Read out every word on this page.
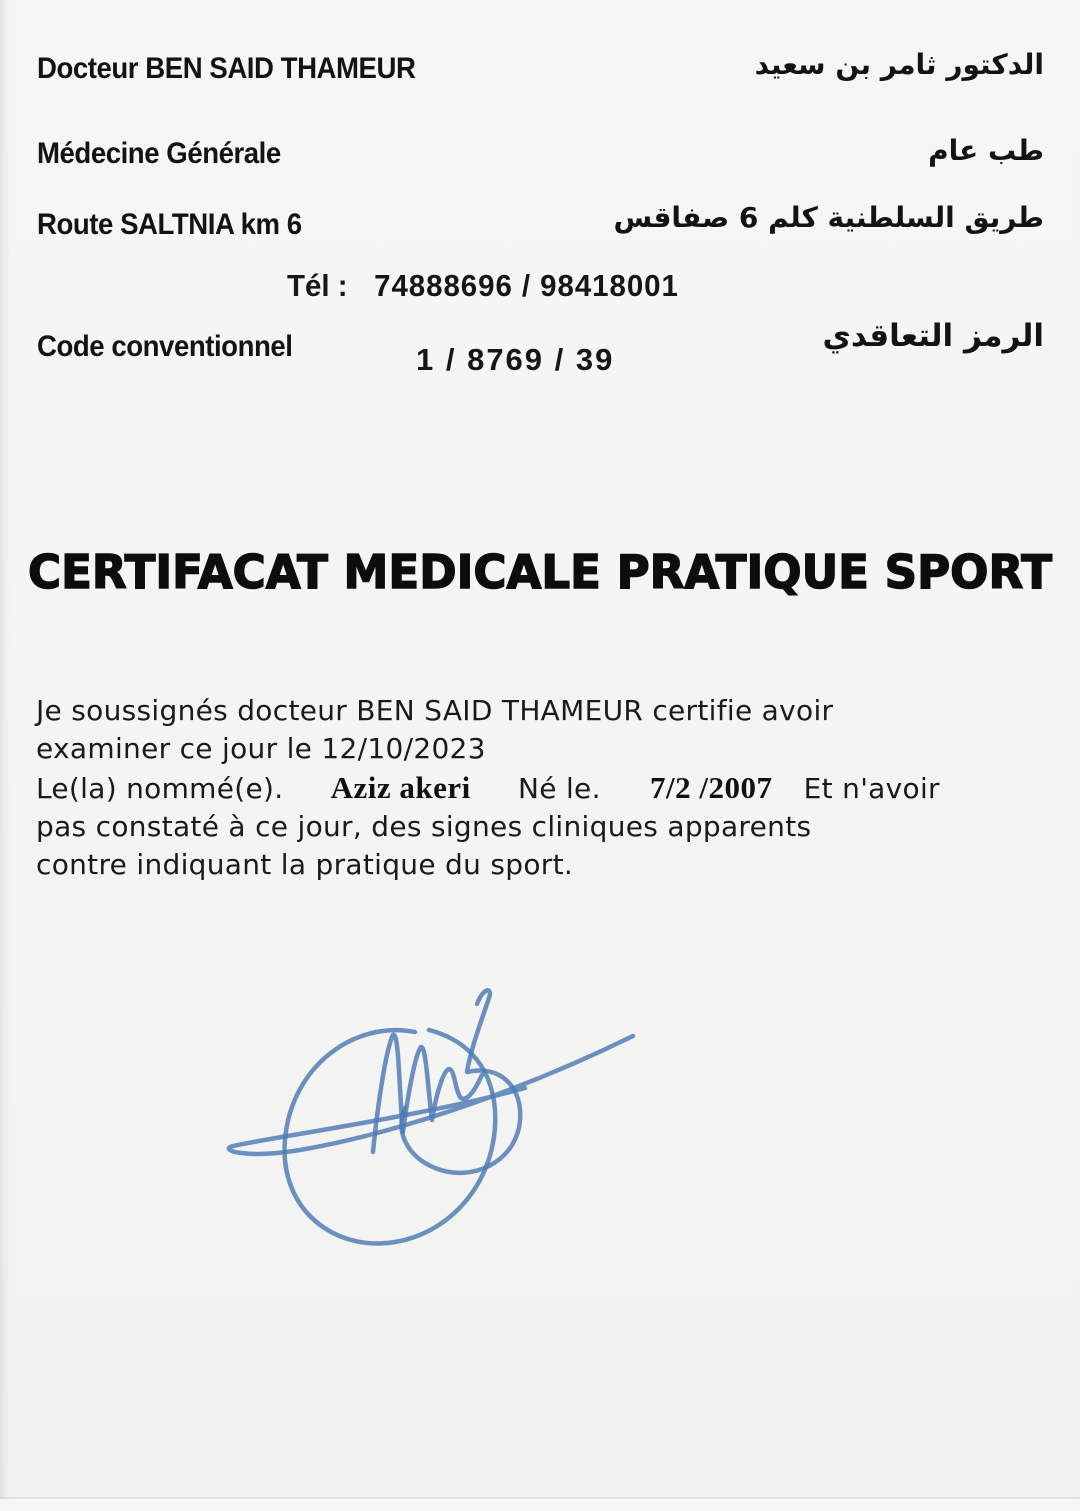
Docteur BEN SAID THAMEUR	الدكتور ثامر بن سعيد
Médecine Générale	طب عام
Route SALTNIA km 6	طريق السلطنية كلم 6 صفاقس
Tél : 74888696 / 98418001
Code conventionnel	1 / 8769 / 39
الرمز التعاقدي
CERTIFACAT MEDICALE PRATIQUE SPORT
Je soussignés docteur BEN SAID THAMEUR certifie avoir
examiner ce jour le 12/10/2023
Le(la) nommé(e). Aziz akeri Né le. 7/2 /2007 Et n'avoir
pas constaté à ce jour, des signes cliniques apparents
contre indiquant la pratique du sport.
